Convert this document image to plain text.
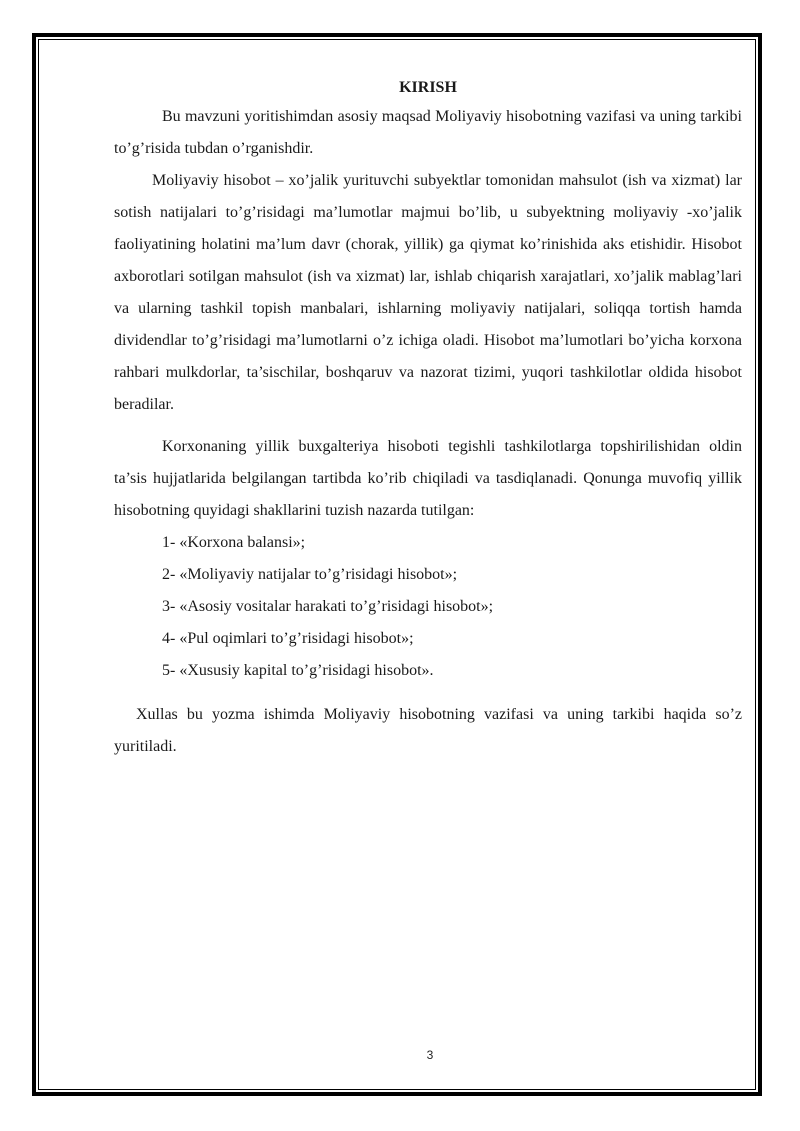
KIRISH

Bu mavzuni yoritishimdan asosiy maqsad Moliyaviy hisobotning vazifasi va uning tarkibi to’g’risida tubdan o’rganishdir.

Moliyaviy hisobot – xo’jalik yurituvchi subyektlar tomonidan mahsulot (ish va xizmat) lar sotish natijalari to’g’risidagi ma’lumotlar majmui bo’lib, u subyektning moliyaviy -xo’jalik faoliyatining holatini ma’lum davr (chorak, yillik) ga qiymat ko’rinishida aks etishidir. Hisobot axborotlari sotilgan mahsulot (ish va xizmat) lar, ishlab chiqarish xarajatlari, xo’jalik mablag’lari va ularning tashkil topish manbalari, ishlarning moliyaviy natijalari, soliqqa tortish hamda dividendlar to’g’risidagi ma’lumotlarni o’z ichiga oladi. Hisobot ma’lumotlari bo’yicha korxona rahbari mulkdorlar, ta’sischilar, boshqaruv va nazorat tizimi, yuqori tashkilotlar oldida hisobot beradilar.

Korxonaning yillik buxgalteriya hisoboti tegishli tashkilotlarga topshirilishidan oldin ta’sis hujjatlarida belgilangan tartibda ko’rib chiqiladi va tasdiqlanadi. Qonunga muvofiq yillik hisobotning quyidagi shakllarini tuzish nazarda tutilgan:

1- «Korxona balansi»;
2- «Moliyaviy natijalar to’g’risidagi hisobot»;
3- «Asosiy vositalar harakati to’g’risidagi hisobot»;
4- «Pul oqimlari to’g’risidagi hisobot»;
5- «Xususiy kapital to’g’risidagi hisobot».

Xullas bu yozma ishimda Moliyaviy hisobotning vazifasi va uning tarkibi haqida so’z yuritiladi.

3
